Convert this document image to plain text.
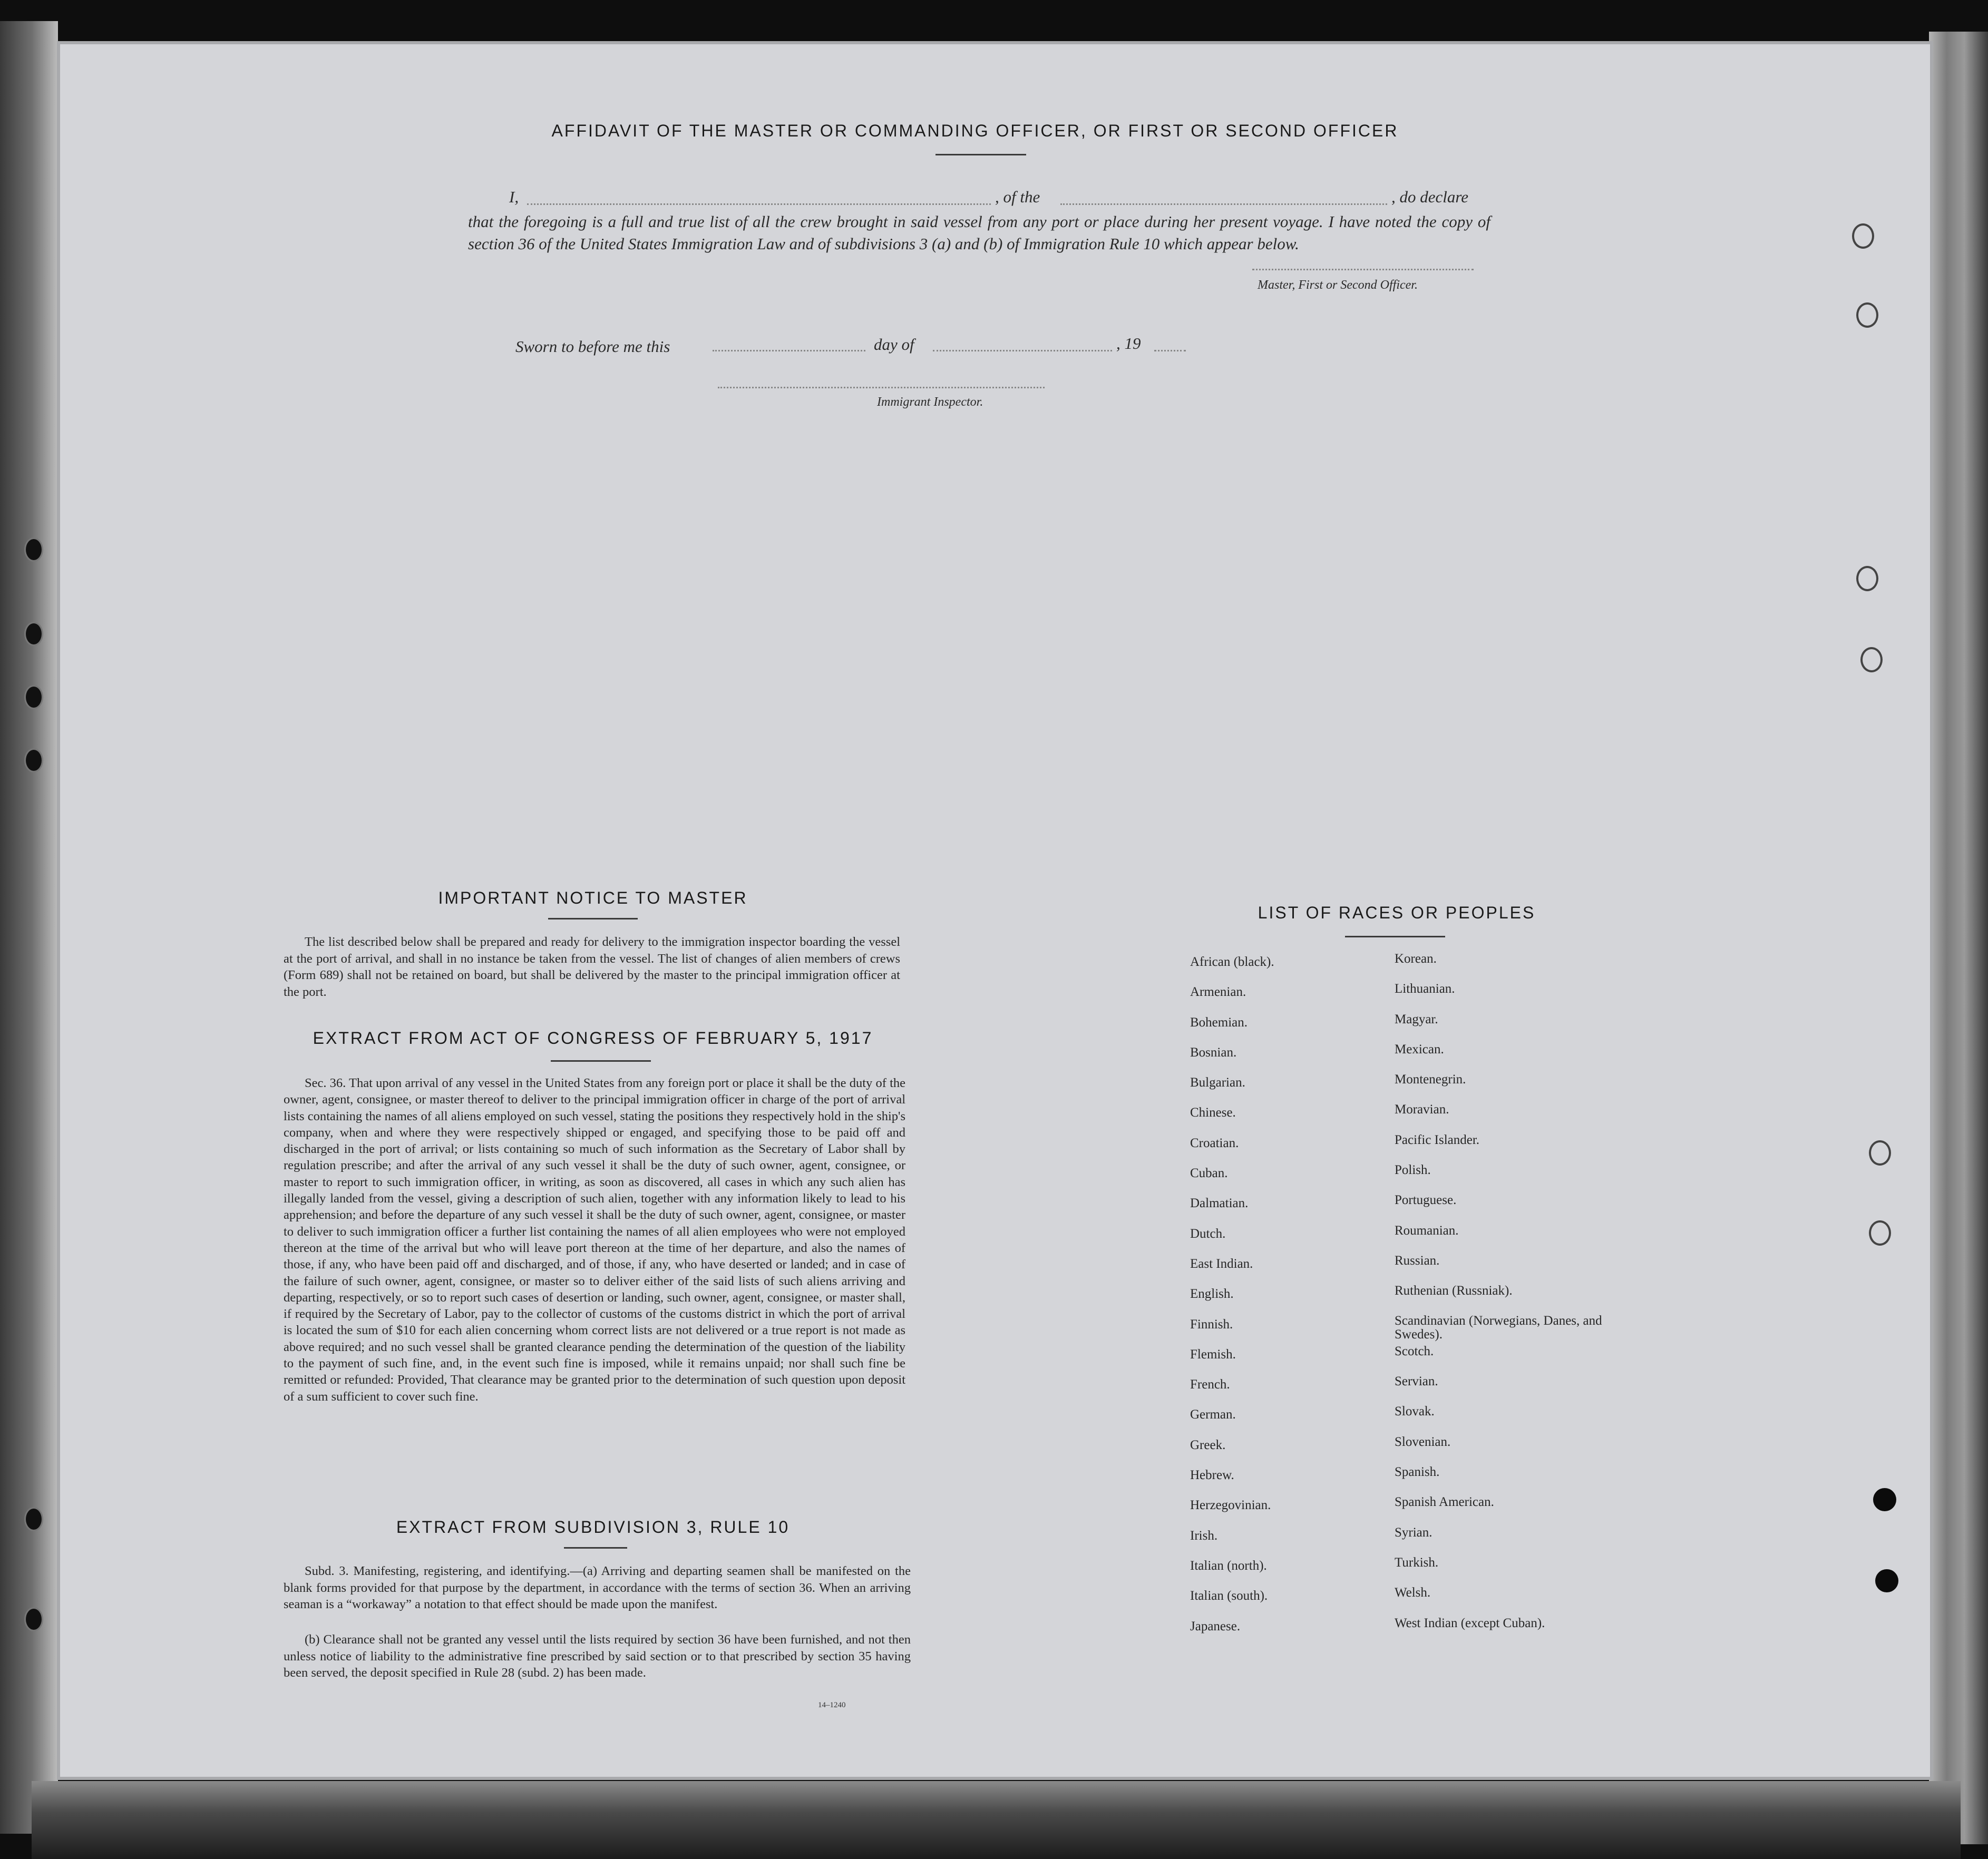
AFFIDAVIT OF THE MASTER OR COMMANDING OFFICER, OR FIRST OR SECOND OFFICER
I,	, of the	, do declare
that the foregoing is a full and true list of all the crew brought in said vessel from any port or place during her present voyage. I have noted the copy of section 36 of the United States Immigration Law and of subdivisions 3 (a) and (b) of Immigration Rule 10 which appear below.
Master, First or Second Officer.
Sworn to before me this	day of	, 19
Immigrant Inspector.
IMPORTANT NOTICE TO MASTER
The list described below shall be prepared and ready for delivery to the immigration inspector boarding the vessel at the port of arrival, and shall in no instance be taken from the vessel. The list of changes of alien members of crews (Form 689) shall not be retained on board, but shall be delivered by the master to the principal immigration officer at the port.
EXTRACT FROM ACT OF CONGRESS OF FEBRUARY 5, 1917
Sec. 36. That upon arrival of any vessel in the United States from any foreign port or place it shall be the duty of the owner, agent, consignee, or master thereof to deliver to the principal immigration officer in charge of the port of arrival lists containing the names of all aliens employed on such vessel, stating the positions they respectively hold in the ship's company, when and where they were respectively shipped or engaged, and specifying those to be paid off and discharged in the port of arrival; or lists containing so much of such information as the Secretary of Labor shall by regulation prescribe; and after the arrival of any such vessel it shall be the duty of such owner, agent, consignee, or master to report to such immigration officer, in writing, as soon as discovered, all cases in which any such alien has illegally landed from the vessel, giving a description of such alien, together with any information likely to lead to his apprehension; and before the departure of any such vessel it shall be the duty of such owner, agent, consignee, or master to deliver to such immigration officer a further list containing the names of all alien employees who were not employed thereon at the time of the arrival but who will leave port thereon at the time of her departure, and also the names of those, if any, who have been paid off and discharged, and of those, if any, who have deserted or landed; and in case of the failure of such owner, agent, consignee, or master so to deliver either of the said lists of such aliens arriving and departing, respectively, or so to report such cases of desertion or landing, such owner, agent, consignee, or master shall, if required by the Secretary of Labor, pay to the collector of customs of the customs district in which the port of arrival is located the sum of $10 for each alien concerning whom correct lists are not delivered or a true report is not made as above required; and no such vessel shall be granted clearance pending the determination of the question of the liability to the payment of such fine, and, in the event such fine is imposed, while it remains unpaid; nor shall such fine be remitted or refunded: Provided, That clearance may be granted prior to the determination of such question upon deposit of a sum sufficient to cover such fine.
EXTRACT FROM SUBDIVISION 3, RULE 10
Subd. 3. Manifesting, registering, and identifying.—(a) Arriving and departing seamen shall be manifested on the blank forms provided for that purpose by the department, in accordance with the terms of section 36. When an arriving seaman is a “workaway” a notation to that effect should be made upon the manifest.
(b) Clearance shall not be granted any vessel until the lists required by section 36 have been furnished, and not then unless notice of liability to the administrative fine prescribed by said section or to that prescribed by section 35 having been served, the deposit specified in Rule 28 (subd. 2) has been made.
14–1240
LIST OF RACES OR PEOPLES
African (black).
Armenian.
Bohemian.
Bosnian.
Bulgarian.
Chinese.
Croatian.
Cuban.
Dalmatian.
Dutch.
East Indian.
English.
Finnish.
Flemish.
French.
German.
Greek.
Hebrew.
Herzegovinian.
Irish.
Italian (north).
Italian (south).
Japanese.
Korean.
Lithuanian.
Magyar.
Mexican.
Montenegrin.
Moravian.
Pacific Islander.
Polish.
Portuguese.
Roumanian.
Russian.
Ruthenian (Russniak).
Scandinavian (Norwegians, Danes, and Swedes).
Scotch.
Servian.
Slovak.
Slovenian.
Spanish.
Spanish American.
Syrian.
Turkish.
Welsh.
West Indian (except Cuban).
